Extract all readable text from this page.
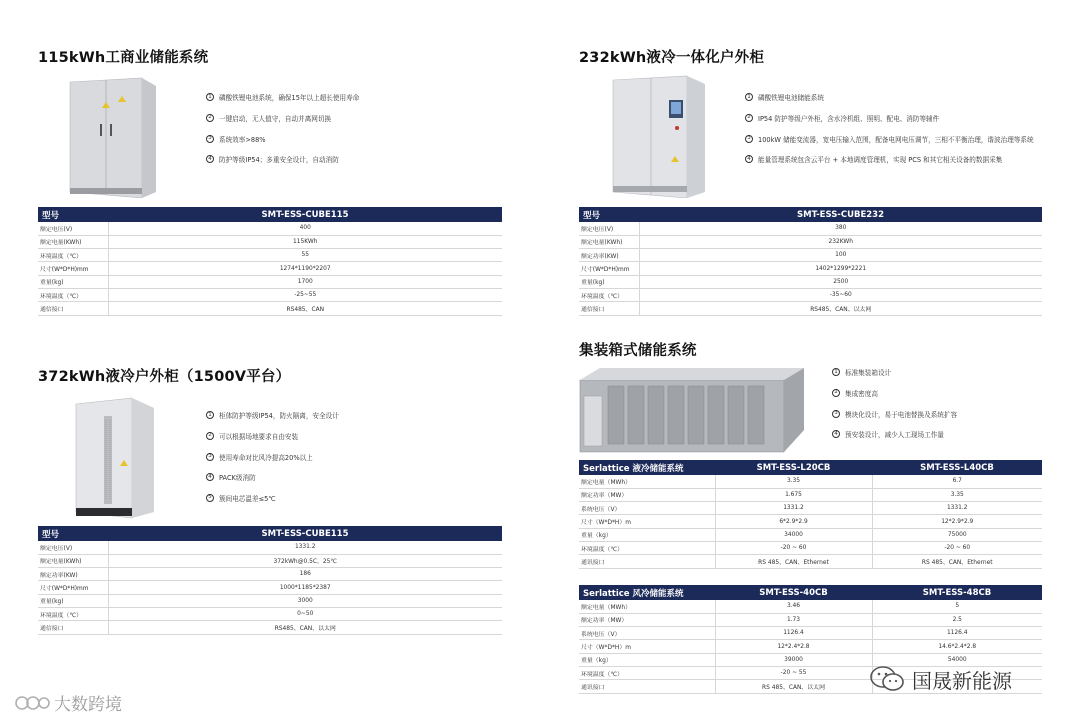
115kWh工商业储能系统
1	磷酸铁锂电池系统，确保15年以上超长使用寿命
2	一键启动，无人值守，自动并离网切换
3	系统效率>88%
4	防护等级IP54；多重安全设计，自动消防
型号	SMT-ESS-CUBE115
额定电压(V)	400
额定电量(KWh)	115KWh
环境温度（℃）	55
尺寸(W*D*H)mm	1274*1190*2207
重量(kg)	1700
环境温度（℃）	-25~55
通信接口	RS485、CAN
232kWh液冷一体化户外柜
1	磷酸铁锂电池储能系统
2	IP54 防护等级户外柜，含水冷机组、照明、配电、消防等辅件
3	100kW 储能变流器，宽电压输入范围，配备电网电压调节，三相不平衡治理，谐波治理等系统
4	能量管理系统包含云平台 + 本地调度管理机，实现 PCS 和其它相关设备的数据采集
型号	SMT-ESS-CUBE232
额定电压(V)	380
额定电量(KWh)	232KWh
额定功率(KW)	100
尺寸(W*D*H)mm	1402*1299*2221
重量(kg)	2500
环境温度（℃）	-35~60
通信接口	RS485、CAN、以太网
372kWh液冷户外柜（1500V平台）
1	柜体防护等级IP54，防火隔离，安全设计
2	可以根据场地要求自由安装
3	使用寿命对比风冷提高20%以上
4	PACK级消防
5	簇间电芯温差≤5℃
型号	SMT-ESS-CUBE115
额定电压(V)	1331.2
额定电量(KWh)	372kWh@0.5C，25℃
额定功率(KW)	186
尺寸(W*D*H)mm	1000*1185*2387
重量(kg)	3000
环境温度（℃）	0~50
通信接口	RS485、CAN、以太网
集装箱式储能系统
1	标准集装箱设计
2	集成密度高
3	模块化设计，易于电池替换及系统扩容
4	预安装设计，减少人工现场工作量
Serlattice 液冷储能系统	SMT-ESS-L20CB	SMT-ESS-L40CB
额定电量（MWh）	3.35	6.7
额定功率（MW）	1.675	3.35
系统电压（V）	1331.2	1331.2
尺寸（W*D*H）m	6*2.9*2.9	12*2.9*2.9
重量（kg）	34000	75000
环境温度（℃）	-20 ~ 60	-20 ~ 60
通讯接口	RS 485、CAN、Ethernet	RS 485、CAN、Ethernet
Serlattice 风冷储能系统	SMT-ESS-40CB	SMT-ESS-48CB
额定电量（MWh）	3.46	5
额定功率（MW）	1.73	2.5
系统电压（V）	1126.4	1126.4
尺寸（W*D*H）m	12*2.4*2.8	14.6*2.4*2.8
重量（kg）	39000	54000
环境温度（℃）	-20 ~ 55	
通讯接口	RS 485、CAN、以太网	
大数跨境
国晟新能源
